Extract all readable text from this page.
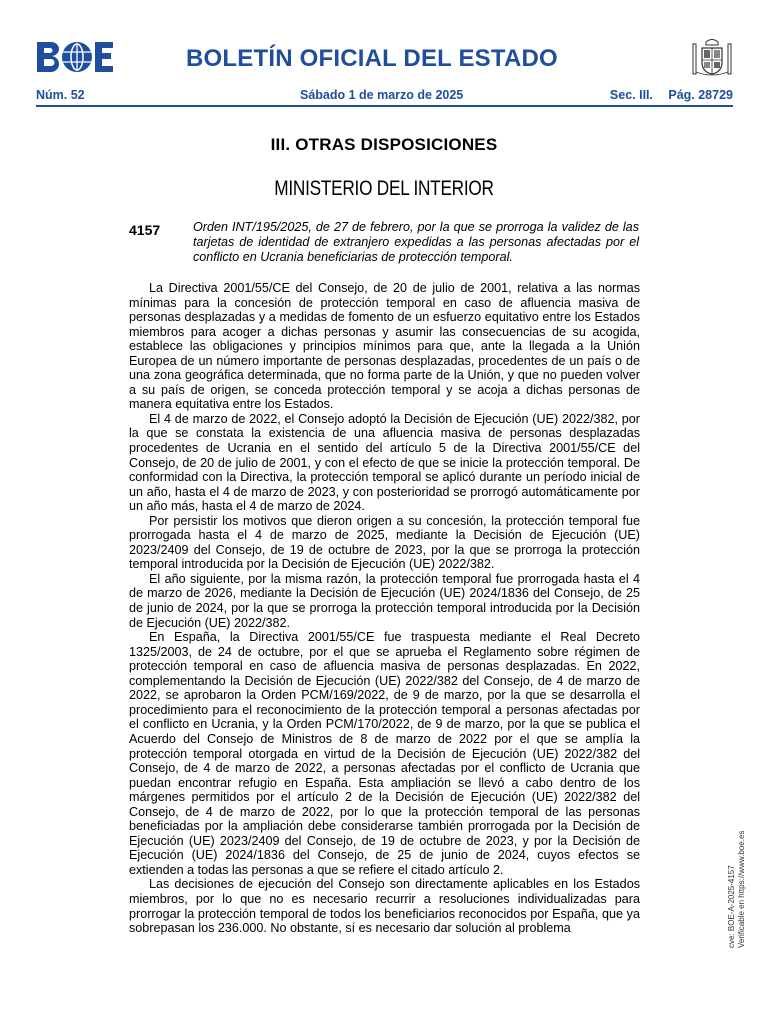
BOLETÍN OFICIAL DEL ESTADO
Núm. 52	Sábado 1 de marzo de 2025	Sec. III. Pág. 28729
III. OTRAS DISPOSICIONES
MINISTERIO DEL INTERIOR
4157	Orden INT/195/2025, de 27 de febrero, por la que se prorroga la validez de las tarjetas de identidad de extranjero expedidas a las personas afectadas por el conflicto en Ucrania beneficiarias de protección temporal.

La Directiva 2001/55/CE del Consejo, de 20 de julio de 2001, relativa a las normas mínimas para la concesión de protección temporal en caso de afluencia masiva de personas desplazadas y a medidas de fomento de un esfuerzo equitativo entre los Estados miembros para acoger a dichas personas y asumir las consecuencias de su acogida, establece las obligaciones y principios mínimos para que, ante la llegada a la Unión Europea de un número importante de personas desplazadas, procedentes de un país o de una zona geográfica determinada, que no forma parte de la Unión, y que no pueden volver a su país de origen, se conceda protección temporal y se acoja a dichas personas de manera equitativa entre los Estados.

El 4 de marzo de 2022, el Consejo adoptó la Decisión de Ejecución (UE) 2022/382, por la que se constata la existencia de una afluencia masiva de personas desplazadas procedentes de Ucrania en el sentido del artículo 5 de la Directiva 2001/55/CE del Consejo, de 20 de julio de 2001, y con el efecto de que se inicie la protección temporal. De conformidad con la Directiva, la protección temporal se aplicó durante un período inicial de un año, hasta el 4 de marzo de 2023, y con posterioridad se prorrogó automáticamente por un año más, hasta el 4 de marzo de 2024.

Por persistir los motivos que dieron origen a su concesión, la protección temporal fue prorrogada hasta el 4 de marzo de 2025, mediante la Decisión de Ejecución (UE) 2023/2409 del Consejo, de 19 de octubre de 2023, por la que se prorroga la protección temporal introducida por la Decisión de Ejecución (UE) 2022/382.

El año siguiente, por la misma razón, la protección temporal fue prorrogada hasta el 4 de marzo de 2026, mediante la Decisión de Ejecución (UE) 2024/1836 del Consejo, de 25 de junio de 2024, por la que se prorroga la protección temporal introducida por la Decisión de Ejecución (UE) 2022/382.

En España, la Directiva 2001/55/CE fue traspuesta mediante el Real Decreto 1325/2003, de 24 de octubre, por el que se aprueba el Reglamento sobre régimen de protección temporal en caso de afluencia masiva de personas desplazadas. En 2022, complementando la Decisión de Ejecución (UE) 2022/382 del Consejo, de 4 de marzo de 2022, se aprobaron la Orden PCM/169/2022, de 9 de marzo, por la que se desarrolla el procedimiento para el reconocimiento de la protección temporal a personas afectadas por el conflicto en Ucrania, y la Orden PCM/170/2022, de 9 de marzo, por la que se publica el Acuerdo del Consejo de Ministros de 8 de marzo de 2022 por el que se amplía la protección temporal otorgada en virtud de la Decisión de Ejecución (UE) 2022/382 del Consejo, de 4 de marzo de 2022, a personas afectadas por el conflicto de Ucrania que puedan encontrar refugio en España. Esta ampliación se llevó a cabo dentro de los márgenes permitidos por el artículo 2 de la Decisión de Ejecución (UE) 2022/382 del Consejo, de 4 de marzo de 2022, por lo que la protección temporal de las personas beneficiadas por la ampliación debe considerarse también prorrogada por la Decisión de Ejecución (UE) 2023/2409 del Consejo, de 19 de octubre de 2023, y por la Decisión de Ejecución (UE) 2024/1836 del Consejo, de 25 de junio de 2024, cuyos efectos se extienden a todas las personas a que se refiere el citado artículo 2.

Las decisiones de ejecución del Consejo son directamente aplicables en los Estados miembros, por lo que no es necesario recurrir a resoluciones individualizadas para prorrogar la protección temporal de todos los beneficiarios reconocidos por España, que ya sobrepasan los 236.000. No obstante, sí es necesario dar solución al problema	cve: BOE-A-2025-4157 Verificable en https://www.boe.es
